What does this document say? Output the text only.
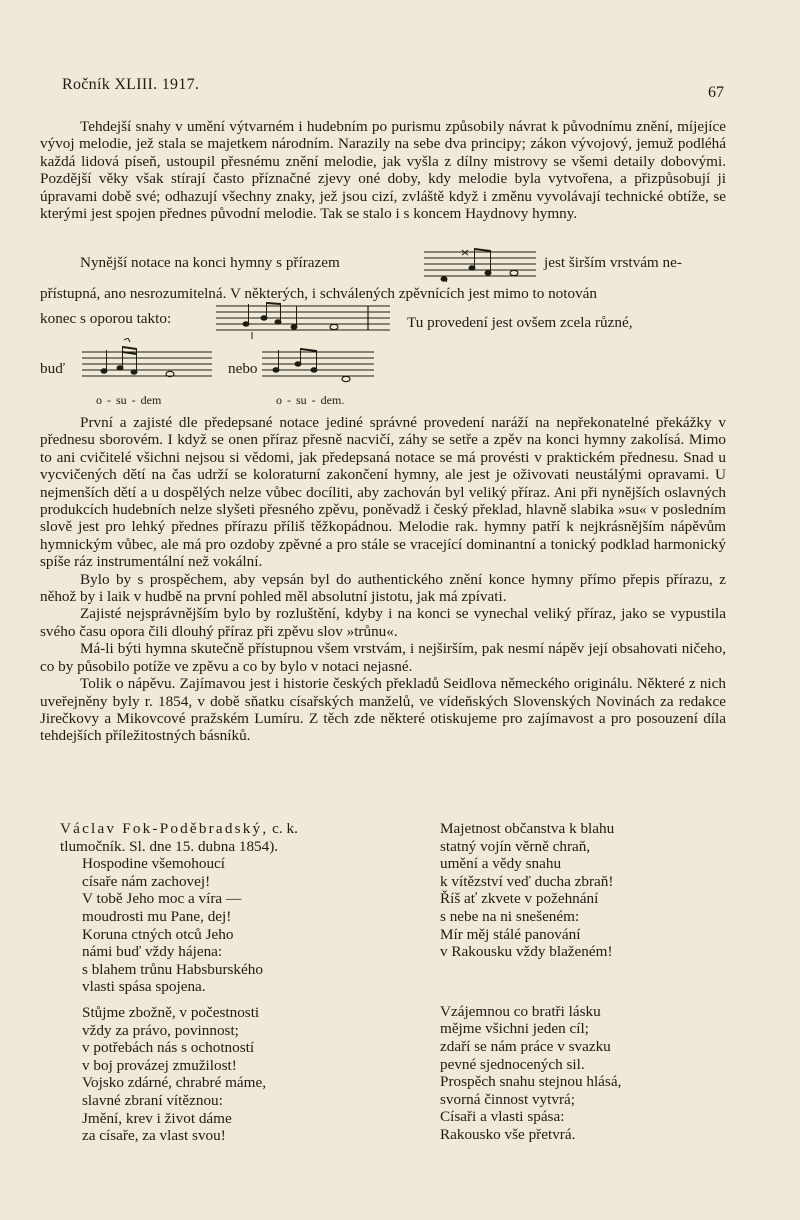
Ročník XLIII. 1917.	67

Tehdejší snahy v umění výtvarném i hudebním po purismu způsobily návrat k původnímu znění, míjejíce vývoj melodie, jež stala se majetkem národním. Narazily na sebe dva principy; zákon vývojový, jemuž podléhá každá lidová píseň, ustoupil přesnému znění melodie, jak vyšla z dílny mistrovy se všemi detaily dobovými. Pozdější věky však stírají často příznačné zjevy oné doby, kdy melodie byla vytvořena, a přizpůsobují ji úpravami době své; odhazují všechny znaky, jež jsou cizí, zvláště když i změnu vyvolávají technické obtíže, se kterými jest spojen přednes původní melodie. Tak se stalo i s koncem Haydnovy hymny.

Nynější notace na konci hymny s přírazem	jest širším vrstvám ne-
přístupná, ano nesrozumitelná. V některých, i schválených zpěvnících jest mimo to notován
konec s oporou takto:	Tu provedení jest ovšem zcela různé,
buď	nebo
o - su - dem	o - su - dem.

První a zajisté dle předepsané notace jediné správné provedení naráží na nepřekonatelné překážky v přednesu sborovém. I když se onen příraz přesně nacvičí, záhy se setře a zpěv na konci hymny zakolísá. Mimo to ani cvičitelé všichni nejsou si vědomi, jak předepsaná notace se má provésti v praktickém přednesu. Snad u vycvičených dětí na čas udrží se koloraturní zakončení hymny, ale jest je oživovati neustálými opravami. U nejmenších dětí a u dospělých nelze vůbec docíliti, aby zachován byl veliký příraz. Ani při nynějších oslavných produkcích hudebních nelze slyšeti přesného zpěvu, poněvadž i český překlad, hlavně slabika »su« v posledním slově jest pro lehký přednes přírazu příliš těžkopádnou. Melodie rak. hymny patří k nejkrásnějším nápěvům hymnickým vůbec, ale má pro ozdoby zpěvné a pro stále se vracející dominantní a tonický podklad harmonický spíše ráz instrumentální než vokální.

Bylo by s prospěchem, aby vepsán byl do authentického znění konce hymny přímo přepis přírazu, z něhož by i laik v hudbě na první pohled měl absolutní jistotu, jak má zpívati.

Zajisté nejsprávnějším bylo by rozluštění, kdyby i na konci se vynechal veliký příraz, jako se vypustila svého času opora čili dlouhý příraz při zpěvu slov »trůnu«.

Má-li býti hymna skutečně přístupnou všem vrstvám, i nejširším, pak nesmí nápěv její obsahovati ničeho, co by působilo potíže ve zpěvu a co by bylo v notaci nejasné.

Tolik o nápěvu. Zajímavou jest i historie českých překladů Seidlova německého originálu. Některé z nich uveřejněny byly r. 1854, v době sňatku císařských manželů, ve vídeňských Slovenských Novinách za redakce Jirečkovy a Mikovcové pražském Lumíru. Z těch zde některé otiskujeme pro zajímavost a pro posouzení díla tehdejších příležitostných básníků.

Václav Fok-Poděbradský, c. k.
tlumočník. Sl. dne 15. dubna 1854).
Hospodine všemohoucí
císaře nám zachovej!
V tobě Jeho moc a víra —
moudrosti mu Pane, dej!
Koruna ctných otců Jeho
námi buď vždy hájena:
s blahem trůnu Habsburského
vlasti spása spojena.
Stůjme zbožně, v počestnosti
vždy za právo, povinnost;
v potřebách nás s ochotností
v boj provázej zmužilost!
Vojsko zdárné, chrabré máme,
slavné zbraní vítěznou:
Jmění, krev i život dáme
za císaře, za vlast svou!
Majetnost občanstva k blahu
statný vojín věrně chraň,
umění a vědy snahu
k vítězství veď ducha zbraň!
Říš ať zkvete v požehnání
s nebe na ni snešeném:
Mír měj stálé panování
v Rakousku vždy blaženém!
Vzájemnou co bratři lásku
mějme všichni jeden cíl;
zdaří se nám práce v svazku
pevné sjednocených sil.
Prospěch snahu stejnou hlásá,
svorná činnost vytvrá;
Císaři a vlasti spása:
Rakousko vše přetvrá.
